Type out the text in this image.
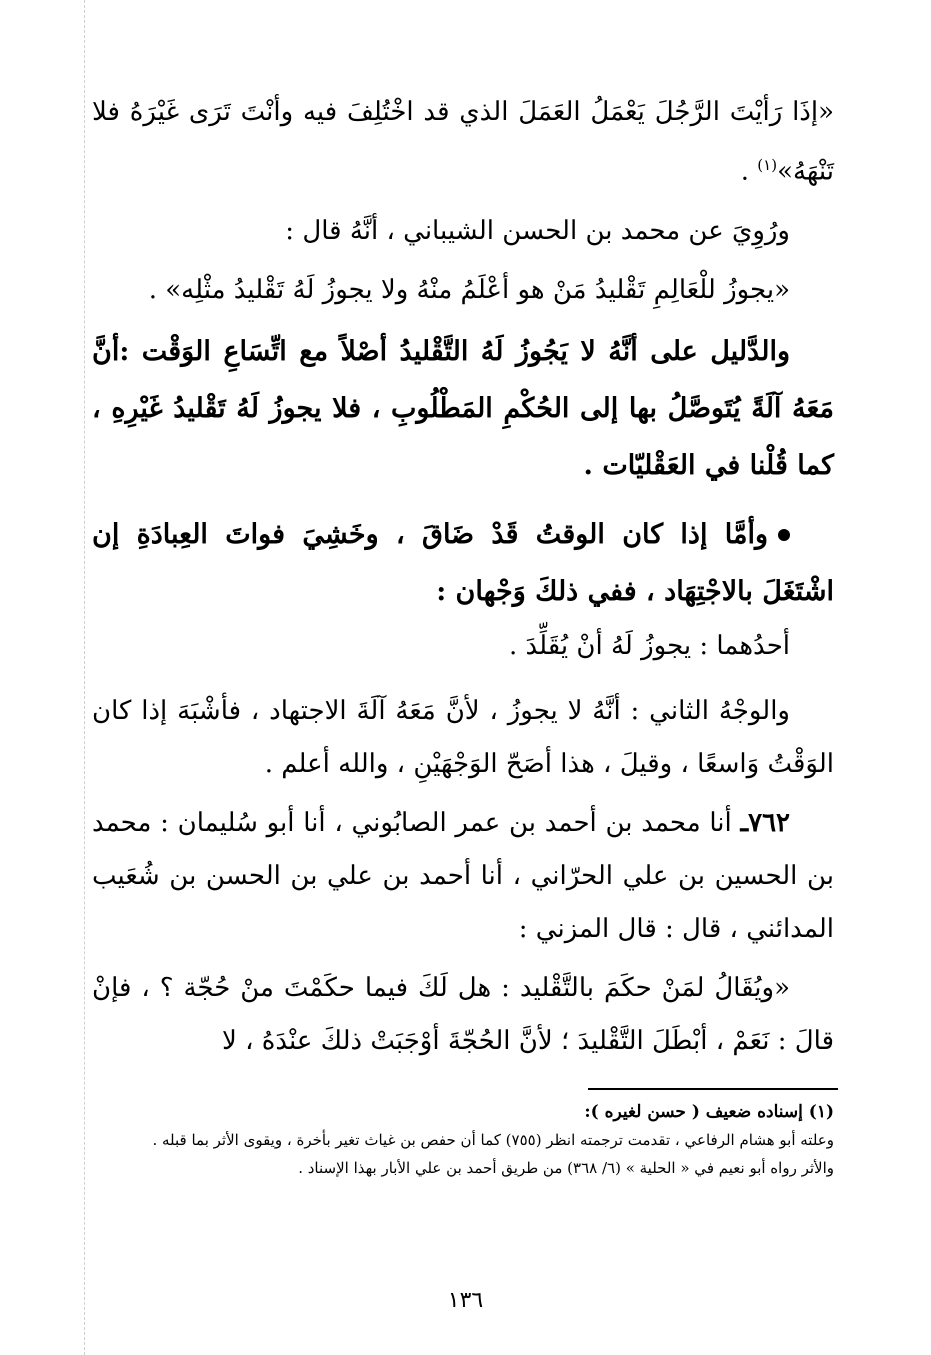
«إذَا رَأيْتَ الرَّجُلَ يَعْمَلُ العَمَلَ الذي قد اخْتُلِفَ فيه وأنْتَ تَرَى غَيْرَهُ فلا تَنْهَهُ»$^{(١)}$ .

ورُوِيَ عن محمد بن الحسن الشيباني ، أنَّهُ قال :

«يجوزُ للْعَالِمِ تَقْليدُ مَنْ هو أعْلَمُ منْهُ ولا يجوزُ لَهُ تَقْليدُ مثْلِه» .

والدَّليل على أنَّهُ لا يَجُوزُ لَهُ التَّقْليدُ أصْلاً مع اتِّسَاعِ الوَقْت :أنَّ مَعَهُ آلَةً يُتَوصَّلُ بها إلى الحُكْمِ المَطْلُوبِ ، فلا يجوزُ لَهُ تَقْليدُ غَيْرِهِ ، كما قُلْنا في العَقْليّات .

وأمَّا إذا كان الوقتُ قَدْ ضَاقَ ، وخَشِيَ فواتَ العِبادَةِ إن اشْتَغَلَ بالاجْتِهَاد ، ففي ذلكَ وَجْهان :

أحدُهما : يجوزُ لَهُ أنْ يُقَلِّدَ .

والوجْهُ الثاني : أنَّهُ لا يجوزُ ، لأنَّ مَعَهُ آلَةَ الاجتهاد ، فأشْبَهَ إذا كان الوَقْتُ وَاسعًا ، وقيلَ ، هذا أصَحّ الوَجْهَيْنِ ، والله أعلم .

٧٦٢ـ أنا محمد بن أحمد بن عمر الصابُوني ، أنا أبو سُليمان : محمد بن الحسين بن علي الحرّاني ، أنا أحمد بن علي بن الحسن بن شُعَيب المدائني ، قال : قال المزني :

«ويُقَالُ لمَنْ حكَمَ بالتَّقْليد : هل لَكَ فيما حكَمْتَ منْ حُجّة ؟ ، فإنْ قالَ : نَعَمْ ، أبْطَلَ التَّقْليدَ ؛ لأنَّ الحُجّةَ أوْجَبَتْ ذلكَ عنْدَهُ ، لا

(١) إسناده ضعيف ( حسن لغيره ):

وعلته أبو هشام الرفاعي ، تقدمت ترجمته انظر (٧٥٥) كما أن حفص بن غياث تغير بأخرة ، ويقوى الأثر بما قبله .

والأثر رواه أبو نعيم في « الحلية » (٦/ ٣٦٨) من طريق أحمد بن علي الأبار بهذا الإسناد .

١٣٦
